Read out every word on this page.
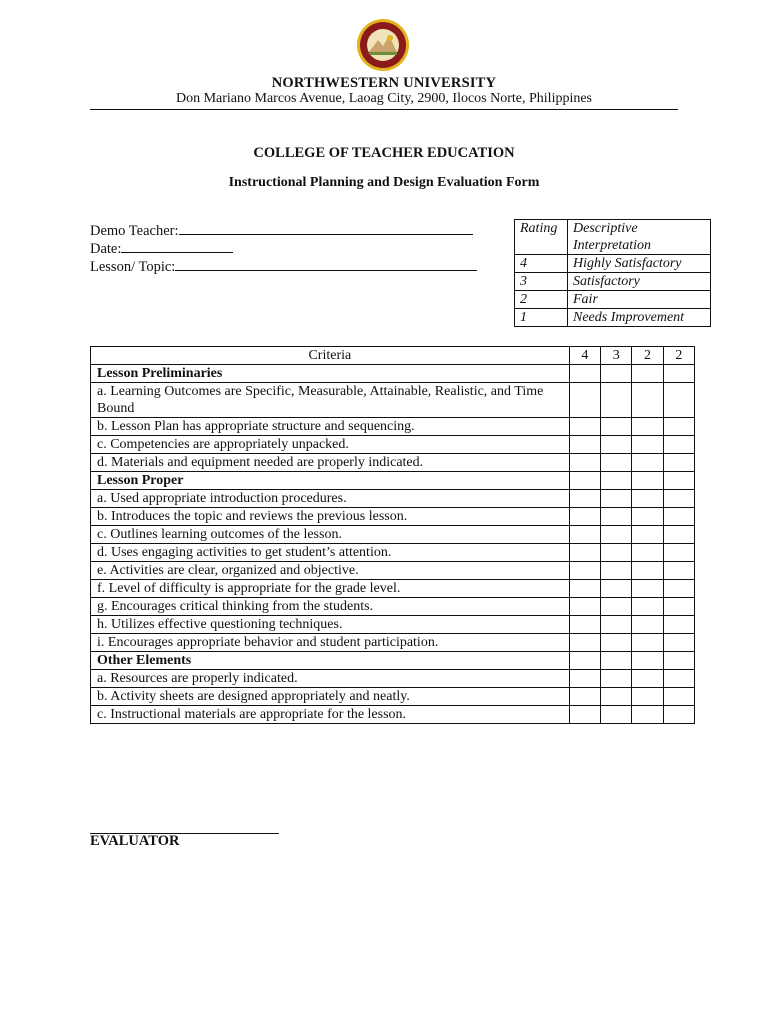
NORTHWESTERN UNIVERSITY
Don Mariano Marcos Avenue, Laoag City, 2900, Ilocos Norte, Philippines
COLLEGE OF TEACHER EDUCATION
Instructional Planning and Design Evaluation Form
Demo Teacher:
Date:
Lesson/ Topic:
Rating	Descriptive Interpretation
4	Highly Satisfactory
3	Satisfactory
2	Fair
1	Needs Improvement
Criteria	4	3	2	2
Lesson Preliminaries				
a. Learning Outcomes are Specific, Measurable, Attainable, Realistic, and Time Bound				
b. Lesson Plan has appropriate structure and sequencing.				
c. Competencies are appropriately unpacked.				
d. Materials and equipment needed are properly indicated.				
Lesson Proper				
a. Used appropriate introduction procedures.				
b. Introduces the topic and reviews the previous lesson.				
c. Outlines learning outcomes of the lesson.				
d. Uses engaging activities to get student’s attention.				
e. Activities are clear, organized and objective.				
f. Level of difficulty is appropriate for the grade level.				
g. Encourages critical thinking from the students.				
h. Utilizes effective questioning techniques.				
i. Encourages appropriate behavior and student participation.				
Other Elements				
a. Resources are properly indicated.				
b. Activity sheets are designed appropriately and neatly.				
c. Instructional materials are appropriate for the lesson.				
EVALUATOR
